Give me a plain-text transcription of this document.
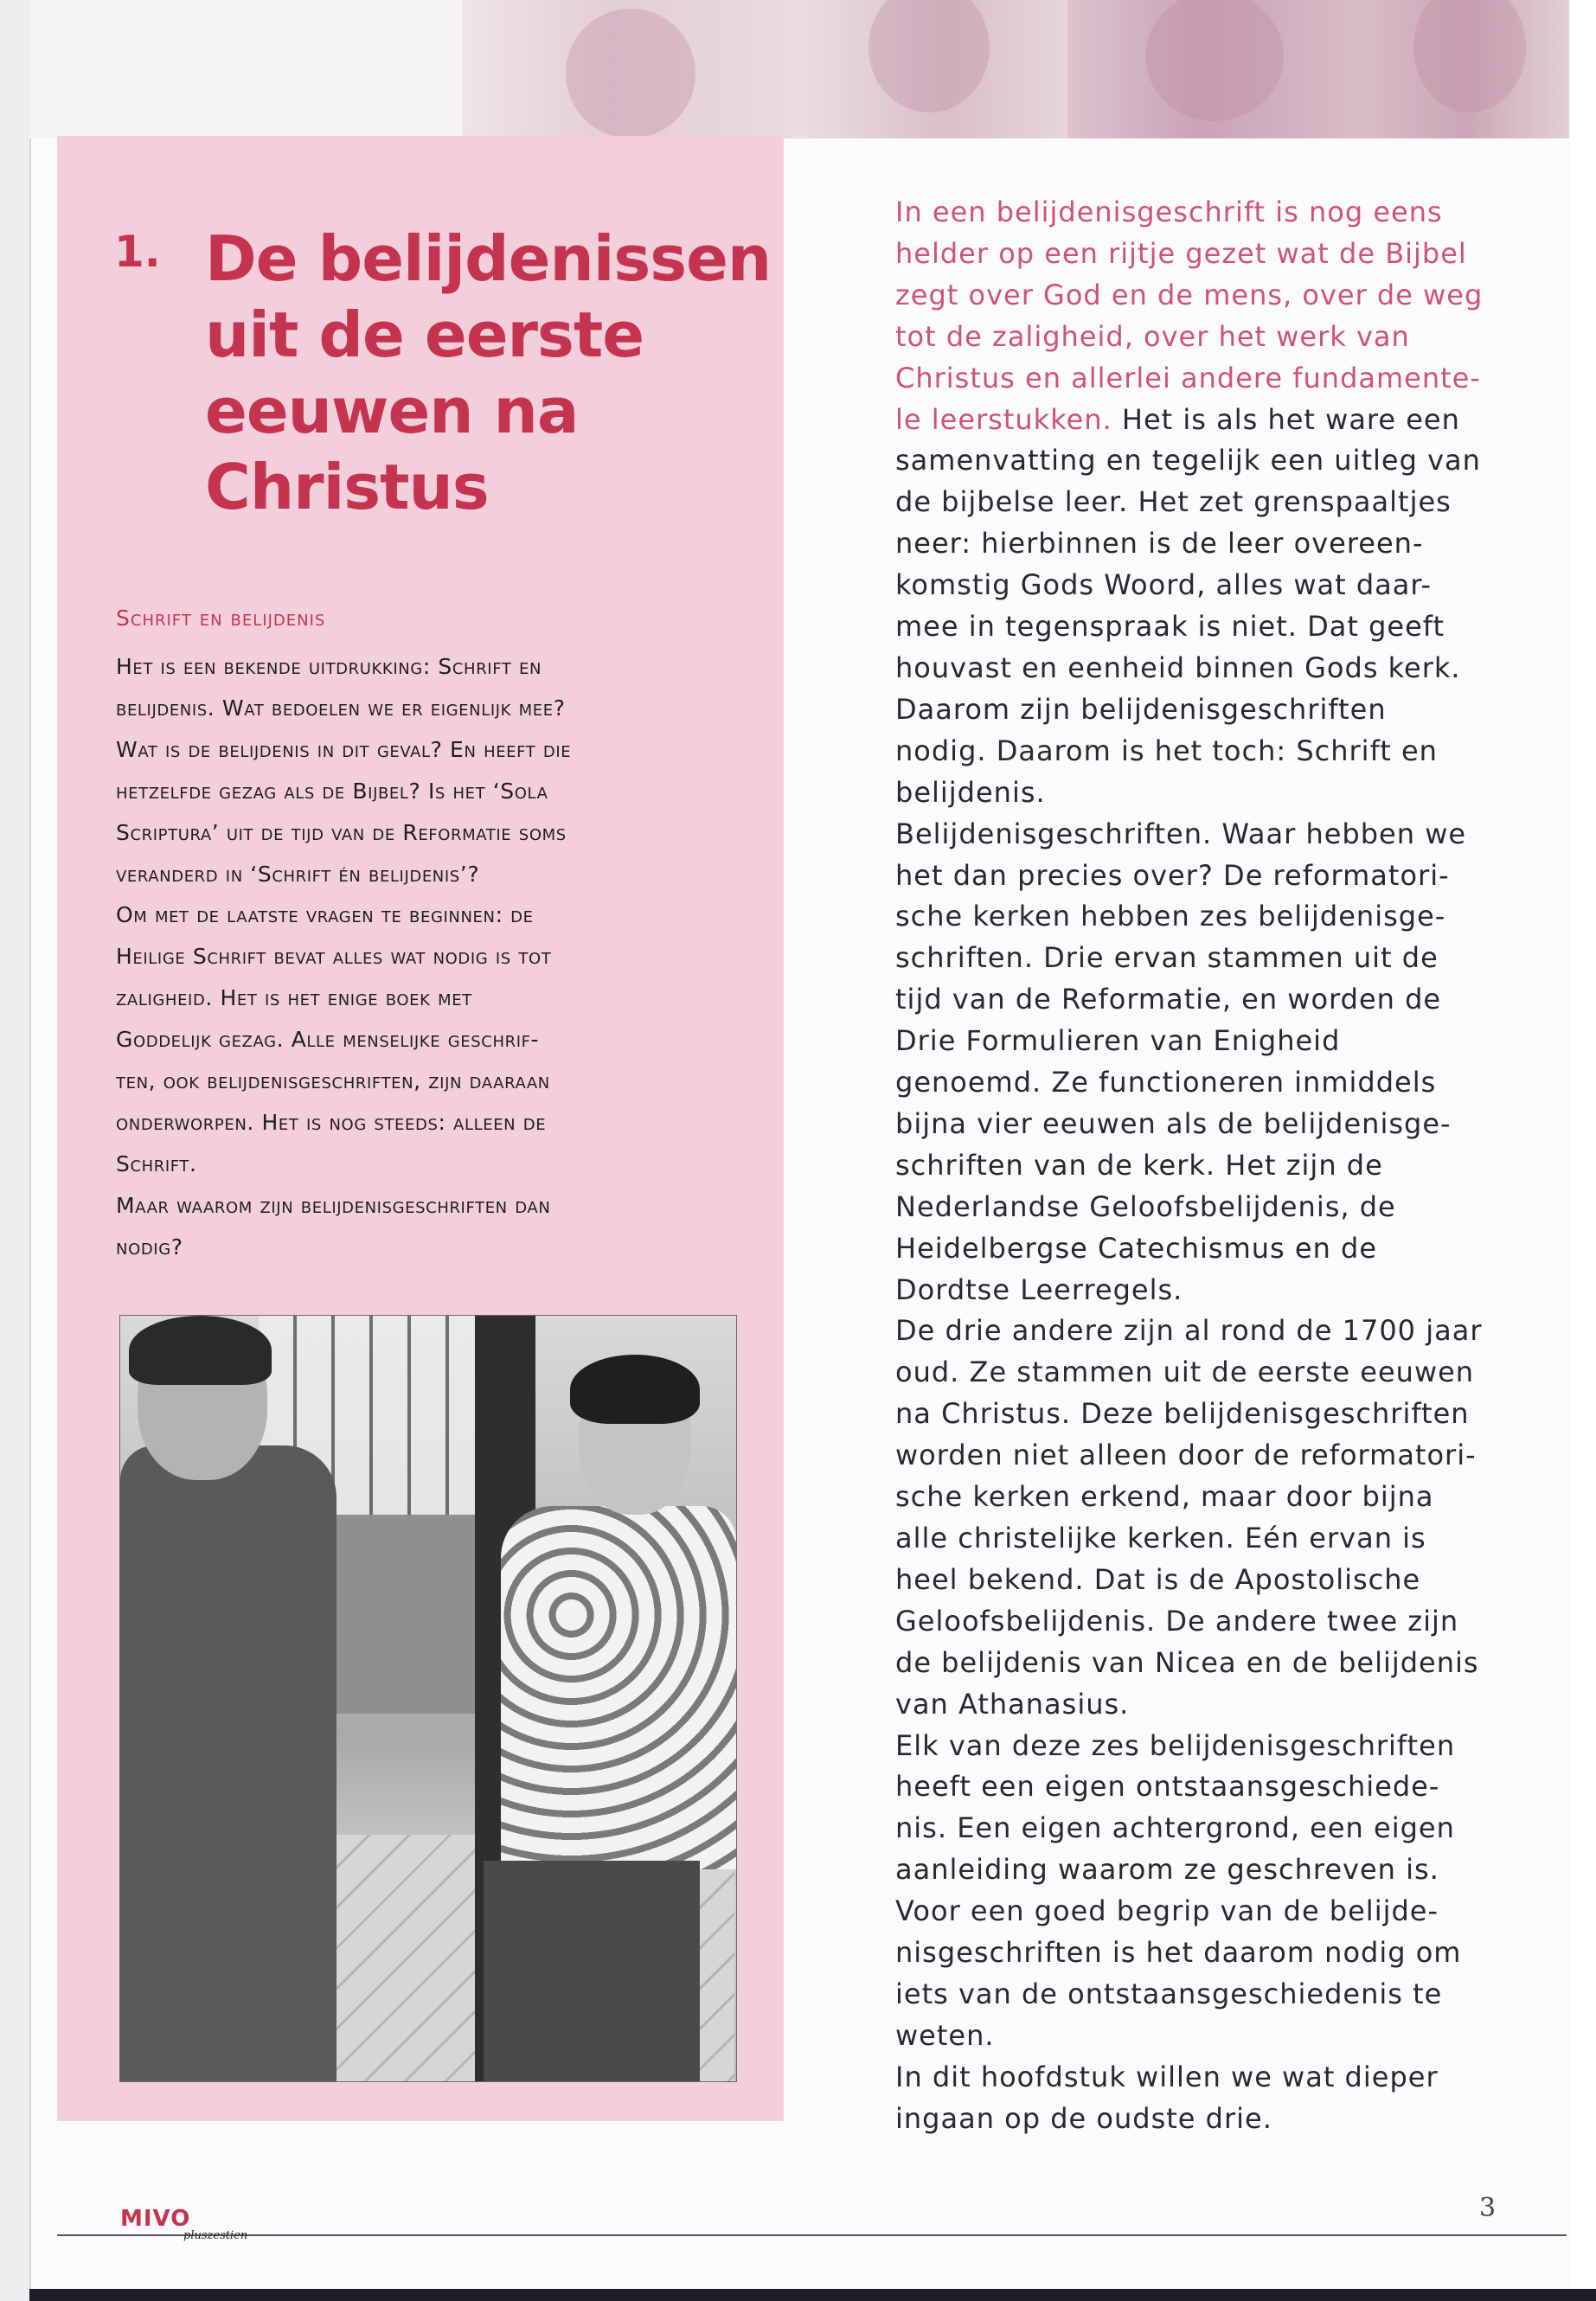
1. De belijdenissen
uit de eerste
eeuwen na
Christus
Schrift en belijdenis
Het is een bekende uitdrukking: Schrift en
belijdenis. Wat bedoelen we er eigenlijk mee?
Wat is de belijdenis in dit geval? En heeft die
hetzelfde gezag als de Bijbel? Is het ‘Sola
Scriptura’ uit de tijd van de Reformatie soms
veranderd in ‘Schrift én belijdenis’?
Om met de laatste vragen te beginnen: de
Heilige Schrift bevat alles wat nodig is tot
zaligheid. Het is het enige boek met
Goddelijk gezag. Alle menselijke geschrif-
ten, ook belijdenisgeschriften, zijn daaraan
onderworpen. Het is nog steeds: alleen de
Schrift.
Maar waarom zijn belijdenisgeschriften dan
nodig?
In een belijdenisgeschrift is nog eens
helder op een rijtje gezet wat de Bijbel
zegt over God en de mens, over de weg
tot de zaligheid, over het werk van
Christus en allerlei andere fundamente-
le leerstukken. Het is als het ware een
samenvatting en tegelijk een uitleg van
de bijbelse leer. Het zet grenspaaltjes
neer: hierbinnen is de leer overeen-
komstig Gods Woord, alles wat daar-
mee in tegenspraak is niet. Dat geeft
houvast en eenheid binnen Gods kerk.
Daarom zijn belijdenisgeschriften
nodig. Daarom is het toch: Schrift en
belijdenis.
Belijdenisgeschriften. Waar hebben we
het dan precies over? De reformatori-
sche kerken hebben zes belijdenisge-
schriften. Drie ervan stammen uit de
tijd van de Reformatie, en worden de
Drie Formulieren van Enigheid
genoemd. Ze functioneren inmiddels
bijna vier eeuwen als de belijdenisge-
schriften van de kerk. Het zijn de
Nederlandse Geloofsbelijdenis, de
Heidelbergse Catechismus en de
Dordtse Leerregels.
De drie andere zijn al rond de 1700 jaar
oud. Ze stammen uit de eerste eeuwen
na Christus. Deze belijdenisgeschriften
worden niet alleen door de reformatori-
sche kerken erkend, maar door bijna
alle christelijke kerken. Eén ervan is
heel bekend. Dat is de Apostolische
Geloofsbelijdenis. De andere twee zijn
de belijdenis van Nicea en de belijdenis
van Athanasius.
Elk van deze zes belijdenisgeschriften
heeft een eigen ontstaansgeschiede-
nis. Een eigen achtergrond, een eigen
aanleiding waarom ze geschreven is.
Voor een goed begrip van de belijde-
nisgeschriften is het daarom nodig om
iets van de ontstaansgeschiedenis te
weten.
In dit hoofdstuk willen we wat dieper
ingaan op de oudste drie.
MIVO
pluszestien
3
